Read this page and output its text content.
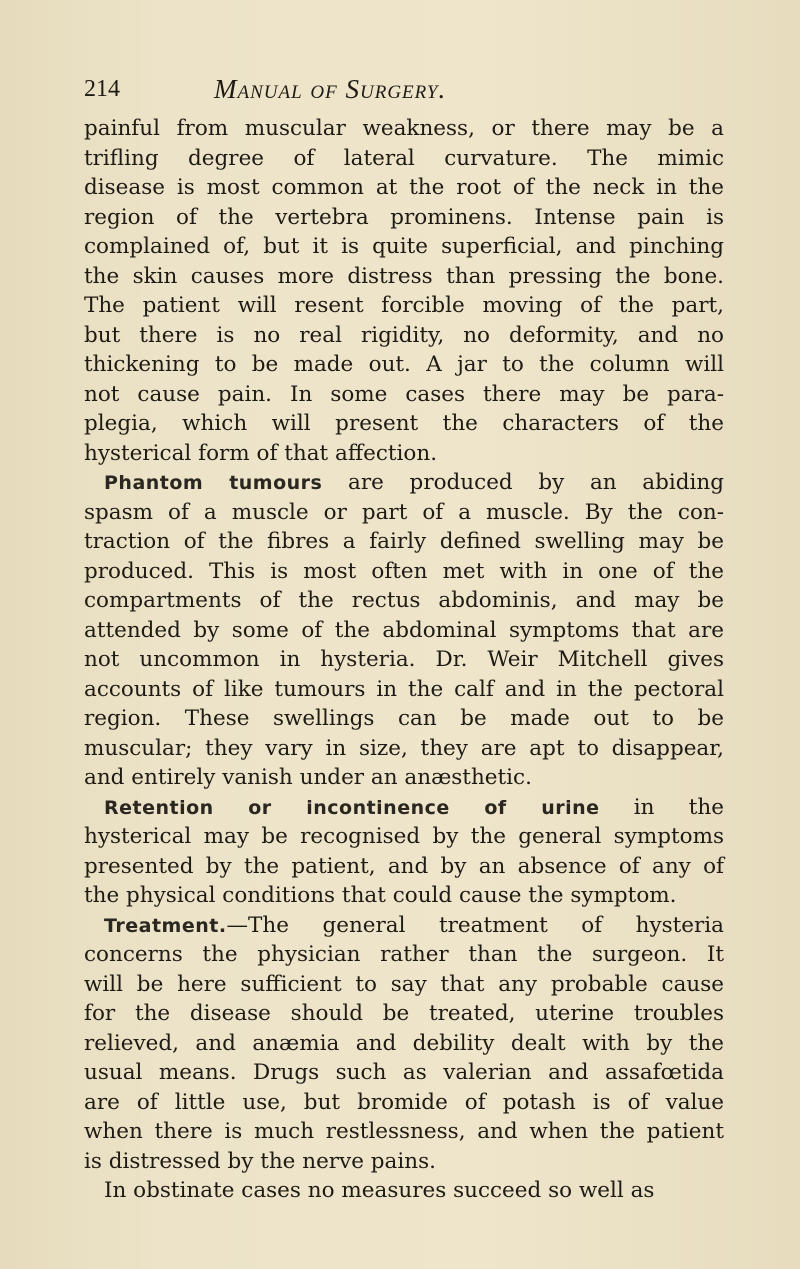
214	Manual of Surgery.
painful from muscular weakness, or there may be a
trifling degree of lateral curvature. The mimic
disease is most common at the root of the neck in the
region of the vertebra prominens. Intense pain is
complained of, but it is quite superficial, and pinching
the skin causes more distress than pressing the bone.
The patient will resent forcible moving of the part,
but there is no real rigidity, no deformity, and no
thickening to be made out. A jar to the column will
not cause pain. In some cases there may be para-
plegia, which will present the characters of the
hysterical form of that affection.
Phantom tumours are produced by an abiding
spasm of a muscle or part of a muscle. By the con-
traction of the fibres a fairly defined swelling may be
produced. This is most often met with in one of the
compartments of the rectus abdominis, and may be
attended by some of the abdominal symptoms that are
not uncommon in hysteria. Dr. Weir Mitchell gives
accounts of like tumours in the calf and in the pectoral
region. These swellings can be made out to be
muscular; they vary in size, they are apt to disappear,
and entirely vanish under an anæsthetic.
Retention or incontinence of urine in the
hysterical may be recognised by the general symptoms
presented by the patient, and by an absence of any of
the physical conditions that could cause the symptom.
Treatment.—The general treatment of hysteria
concerns the physician rather than the surgeon. It
will be here sufficient to say that any probable cause
for the disease should be treated, uterine troubles
relieved, and anæmia and debility dealt with by the
usual means. Drugs such as valerian and assafœtida
are of little use, but bromide of potash is of value
when there is much restlessness, and when the patient
is distressed by the nerve pains.
In obstinate cases no measures succeed so well as
